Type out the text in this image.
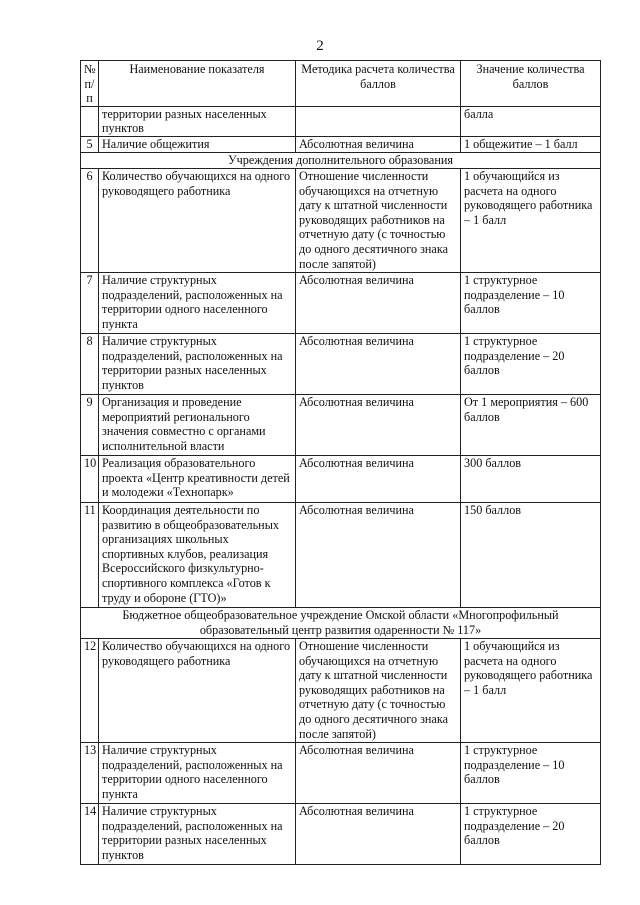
2
№ п/п	Наименование показателя	Методика расчета количества баллов	Значение количества баллов
	территории разных населенных пунктов		балла
5	Наличие общежития	Абсолютная величина	1 общежитие – 1 балл
Учреждения дополнительного образования			
6	Количество обучающихся на одного руководящего работника	Отношение численности обучающихся на отчетную дату к штатной численности руководящих работников на отчетную дату (с точностью до одного десятичного знака после запятой)	1 обучающийся из расчета на одного руководящего работника – 1 балл
7	Наличие структурных подразделений, расположенных на территории одного населенного пункта	Абсолютная величина	1 структурное подразделение – 10 баллов
8	Наличие структурных подразделений, расположенных на территории разных населенных пунктов	Абсолютная величина	1 структурное подразделение – 20 баллов
9	Организация и проведение мероприятий регионального значения совместно с органами исполнительной власти	Абсолютная величина	От 1 мероприятия – 600 баллов
10	Реализация образовательного проекта «Центр креативности детей и молодежи «Технопарк»	Абсолютная величина	300 баллов
11	Координация деятельности по развитию в общеобразовательных организациях школьных спортивных клубов, реализация Всероссийского физкультурно-спортивного комплекса «Готов к труду и обороне (ГТО)»	Абсолютная величина	150 баллов
Бюджетное общеобразовательное учреждение Омской области «Многопрофильный образовательный центр развития одаренности № 117»			
12	Количество обучающихся на одного руководящего работника	Отношение численности обучающихся на отчетную дату к штатной численности руководящих работников на отчетную дату (с точностью до одного десятичного знака после запятой)	1 обучающийся из расчета на одного руководящего работника – 1 балл
13	Наличие структурных подразделений, расположенных на территории одного населенного пункта	Абсолютная величина	1 структурное подразделение – 10 баллов
14	Наличие структурных подразделений, расположенных на территории разных населенных пунктов	Абсолютная величина	1 структурное подразделение – 20 баллов
